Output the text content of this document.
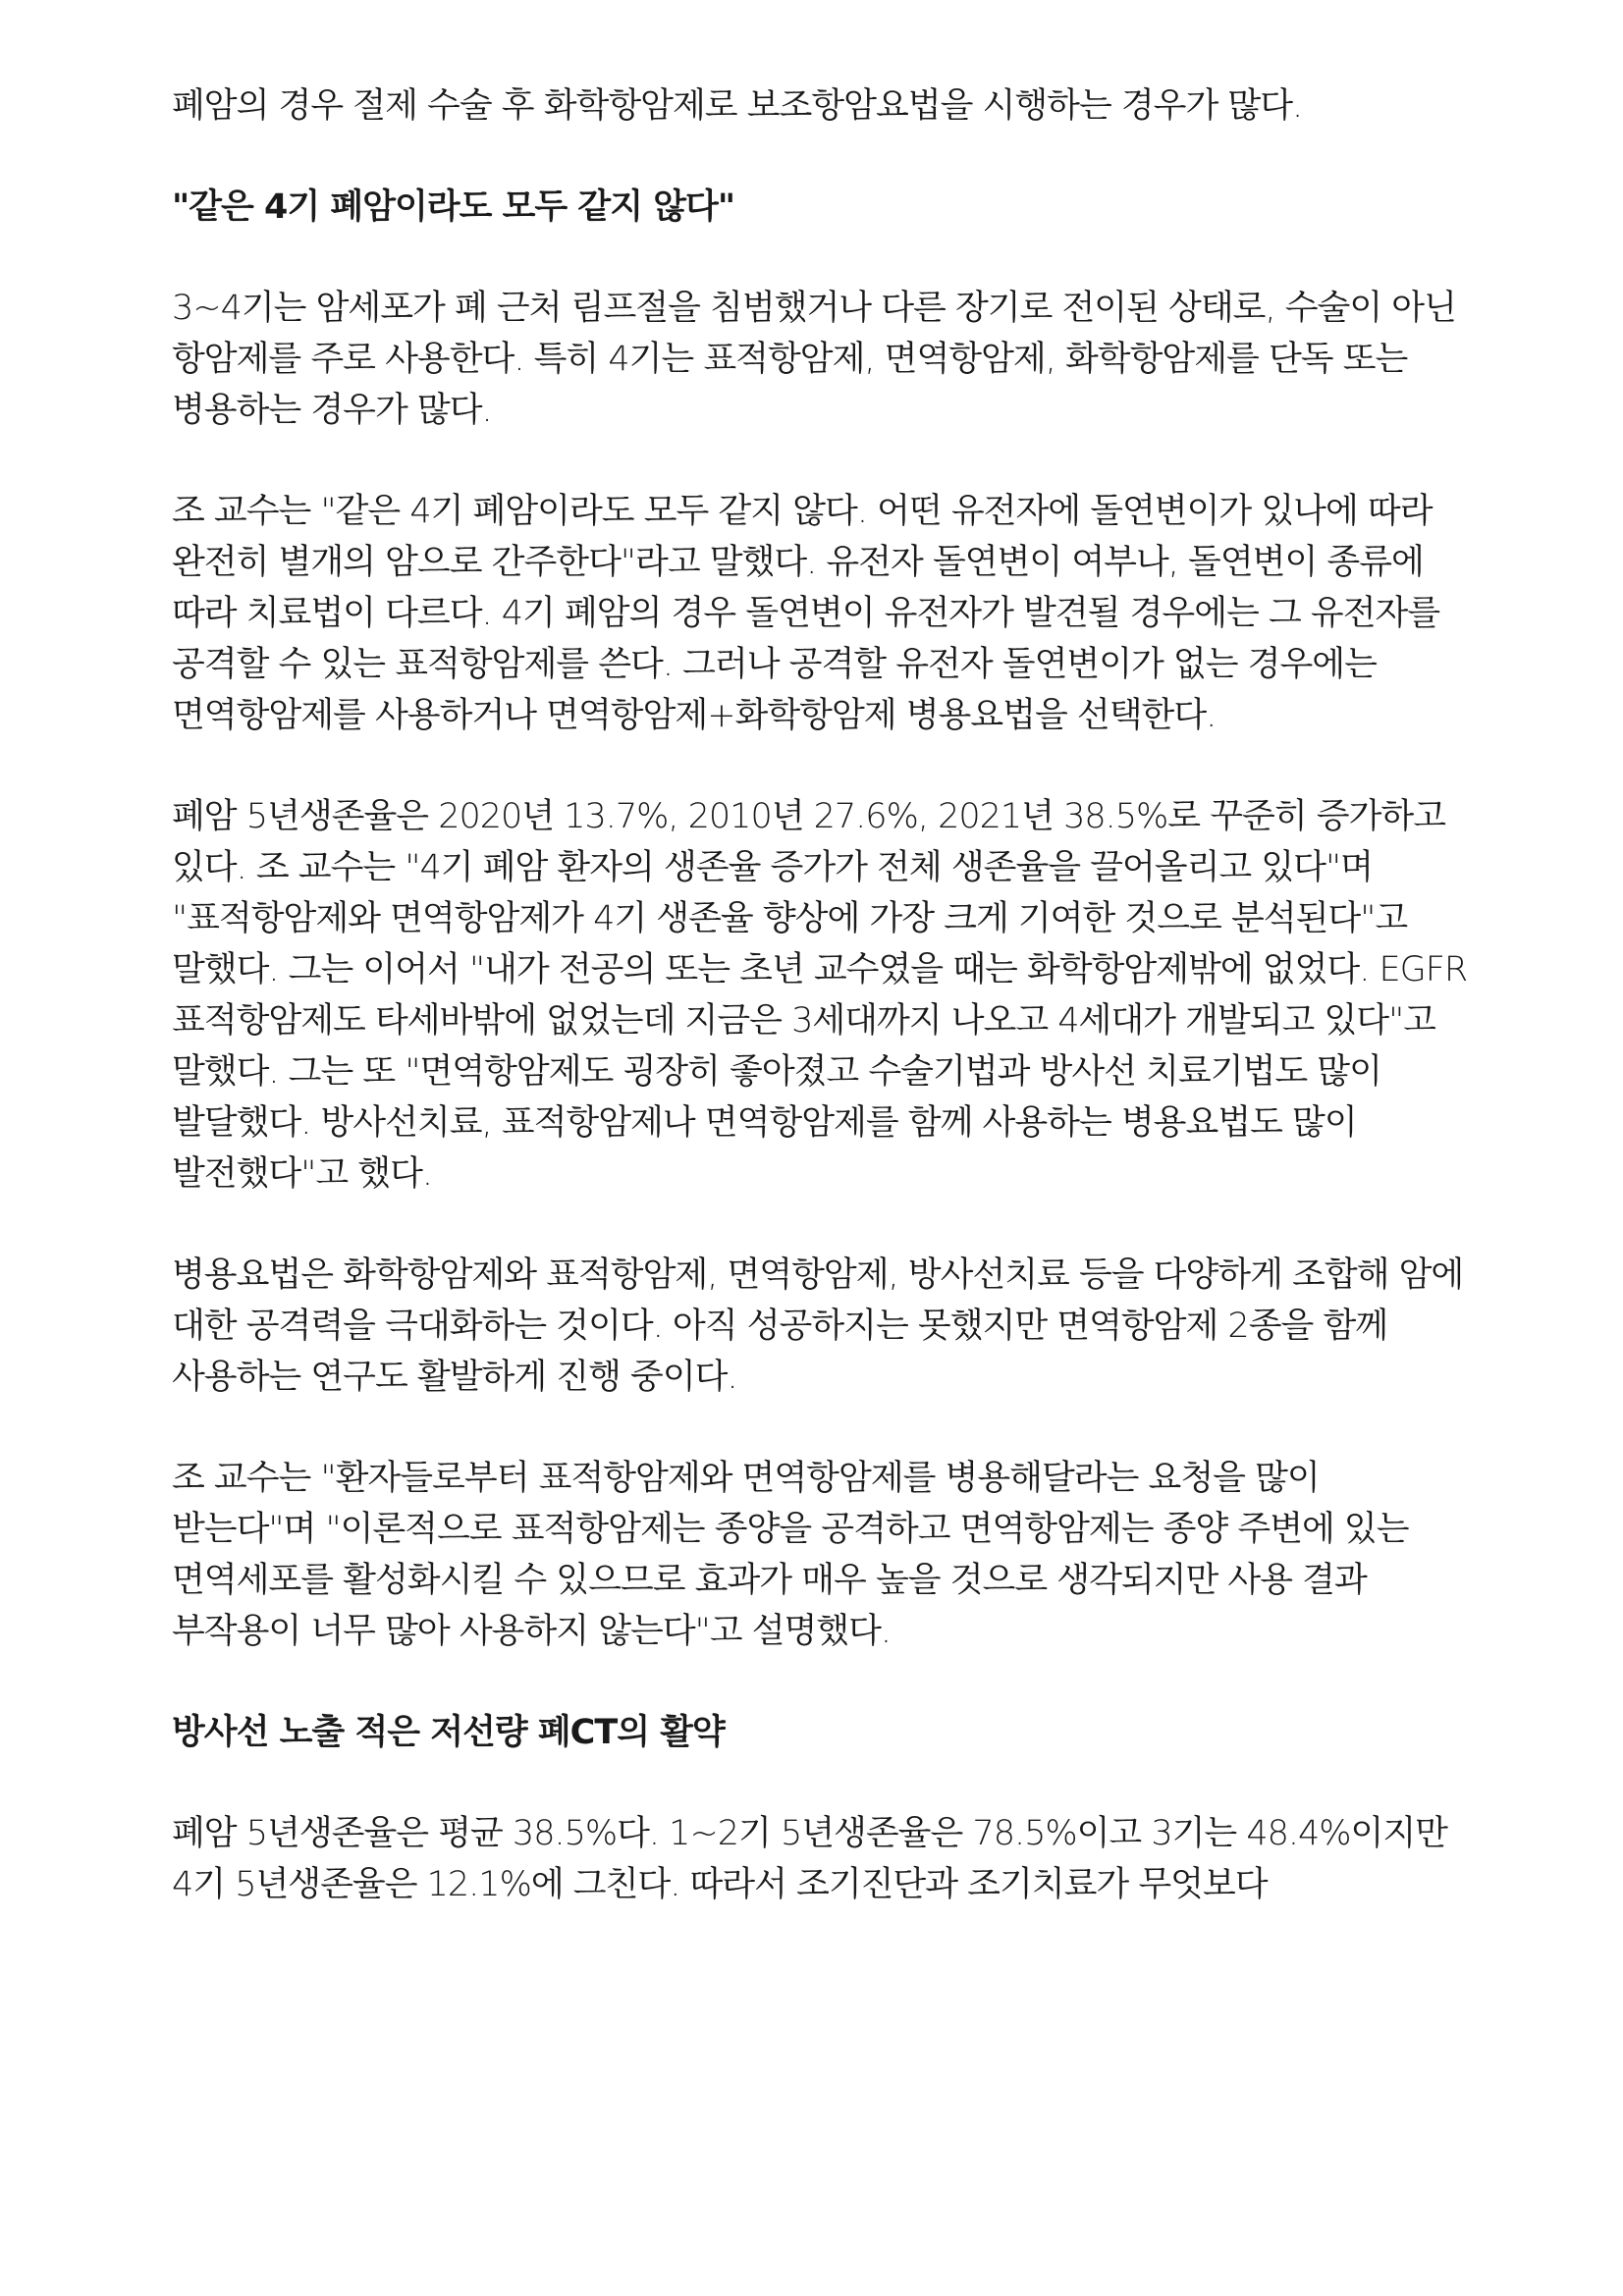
폐암의 경우 절제 수술 후 화학항암제로 보조항암요법을 시행하는 경우가 많다.

"같은 4기 폐암이라도 모두 같지 않다"

3~4기는 암세포가 폐 근처 림프절을 침범했거나 다른 장기로 전이된 상태로, 수술이 아닌 항암제를 주로 사용한다. 특히 4기는 표적항암제, 면역항암제, 화학항암제를 단독 또는 병용하는 경우가 많다.

조 교수는 "같은 4기 폐암이라도 모두 같지 않다. 어떤 유전자에 돌연변이가 있나에 따라 완전히 별개의 암으로 간주한다"라고 말했다. 유전자 돌연변이 여부나, 돌연변이 종류에 따라 치료법이 다르다. 4기 폐암의 경우 돌연변이 유전자가 발견될 경우에는 그 유전자를 공격할 수 있는 표적항암제를 쓴다. 그러나 공격할 유전자 돌연변이가 없는 경우에는 면역항암제를 사용하거나 면역항암제+화학항암제 병용요법을 선택한다.

폐암 5년생존율은 2020년 13.7%, 2010년 27.6%, 2021년 38.5%로 꾸준히 증가하고 있다. 조 교수는 "4기 폐암 환자의 생존율 증가가 전체 생존율을 끌어올리고 있다"며 "표적항암제와 면역항암제가 4기 생존율 향상에 가장 크게 기여한 것으로 분석된다"고 말했다. 그는 이어서 "내가 전공의 또는 초년 교수였을 때는 화학항암제밖에 없었다. EGFR 표적항암제도 타세바밖에 없었는데 지금은 3세대까지 나오고 4세대가 개발되고 있다"고 말했다. 그는 또 "면역항암제도 굉장히 좋아졌고 수술기법과 방사선 치료기법도 많이 발달했다. 방사선치료, 표적항암제나 면역항암제를 함께 사용하는 병용요법도 많이 발전했다"고 했다.

병용요법은 화학항암제와 표적항암제, 면역항암제, 방사선치료 등을 다양하게 조합해 암에 대한 공격력을 극대화하는 것이다. 아직 성공하지는 못했지만 면역항암제 2종을 함께 사용하는 연구도 활발하게 진행 중이다.

조 교수는 "환자들로부터 표적항암제와 면역항암제를 병용해달라는 요청을 많이 받는다"며 "이론적으로 표적항암제는 종양을 공격하고 면역항암제는 종양 주변에 있는 면역세포를 활성화시킬 수 있으므로 효과가 매우 높을 것으로 생각되지만 사용 결과 부작용이 너무 많아 사용하지 않는다"고 설명했다.

방사선 노출 적은 저선량 폐CT의 활약

폐암 5년생존율은 평균 38.5%다. 1~2기 5년생존율은 78.5%이고 3기는 48.4%이지만 4기 5년생존율은 12.1%에 그친다. 따라서 조기진단과 조기치료가 무엇보다
